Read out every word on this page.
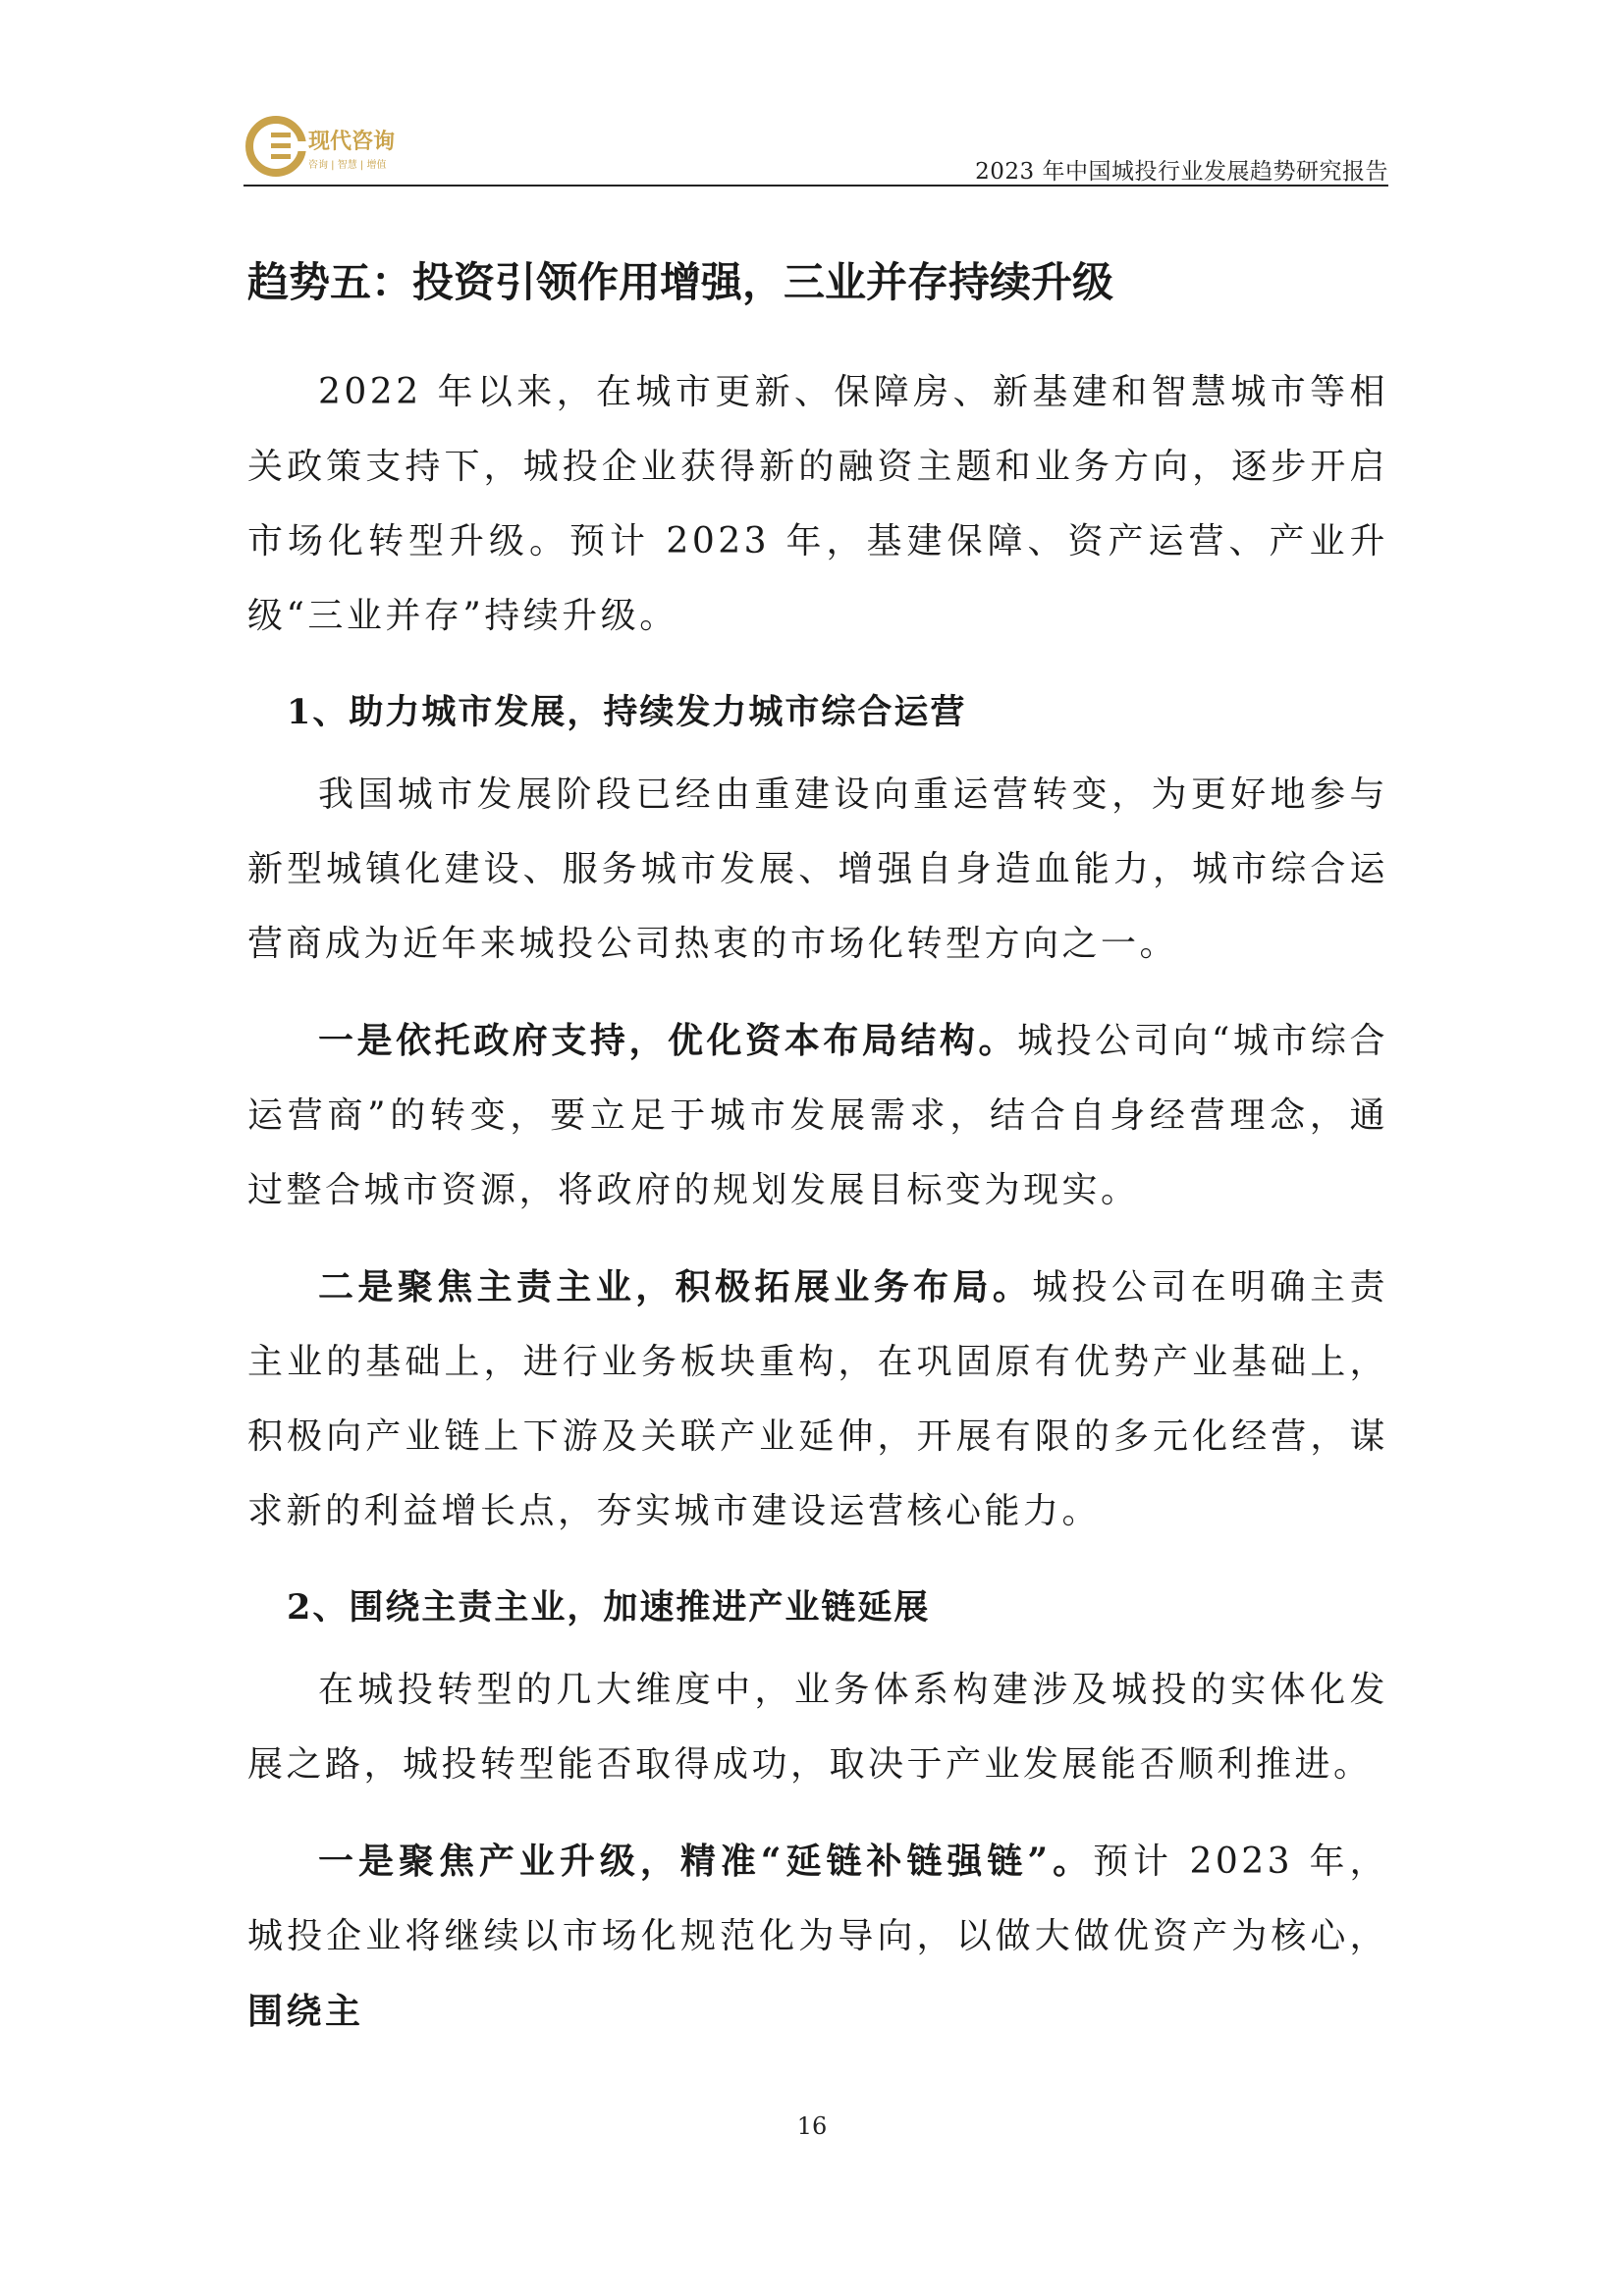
现代咨询
咨询 | 智慧 | 增值	2023 年中国城投行业发展趋势研究报告
趋势五：投资引领作用增强，三业并存持续升级

2022 年以来，在城市更新、保障房、新基建和智慧城市等相关政策支持下，城投企业获得新的融资主题和业务方向，逐步开启市场化转型升级。预计 2023 年，基建保障、资产运营、产业升级“三业并存”持续升级。

1、助力城市发展，持续发力城市综合运营

我国城市发展阶段已经由重建设向重运营转变，为更好地参与新型城镇化建设、服务城市发展、增强自身造血能力，城市综合运营商成为近年来城投公司热衷的市场化转型方向之一。

一是依托政府支持，优化资本布局结构。城投公司向“城市综合运营商”的转变，要立足于城市发展需求，结合自身经营理念，通过整合城市资源，将政府的规划发展目标变为现实。

二是聚焦主责主业，积极拓展业务布局。城投公司在明确主责主业的基础上，进行业务板块重构，在巩固原有优势产业基础上，积极向产业链上下游及关联产业延伸，开展有限的多元化经营，谋求新的利益增长点，夯实城市建设运营核心能力。

2、围绕主责主业，加速推进产业链延展

在城投转型的几大维度中，业务体系构建涉及城投的实体化发展之路，城投转型能否取得成功，取决于产业发展能否顺利推进。

一是聚焦产业升级，精准“延链补链强链”。预计 2023 年，城投企业将继续以市场化规范化为导向，以做大做优资产为核心，围绕主

16
